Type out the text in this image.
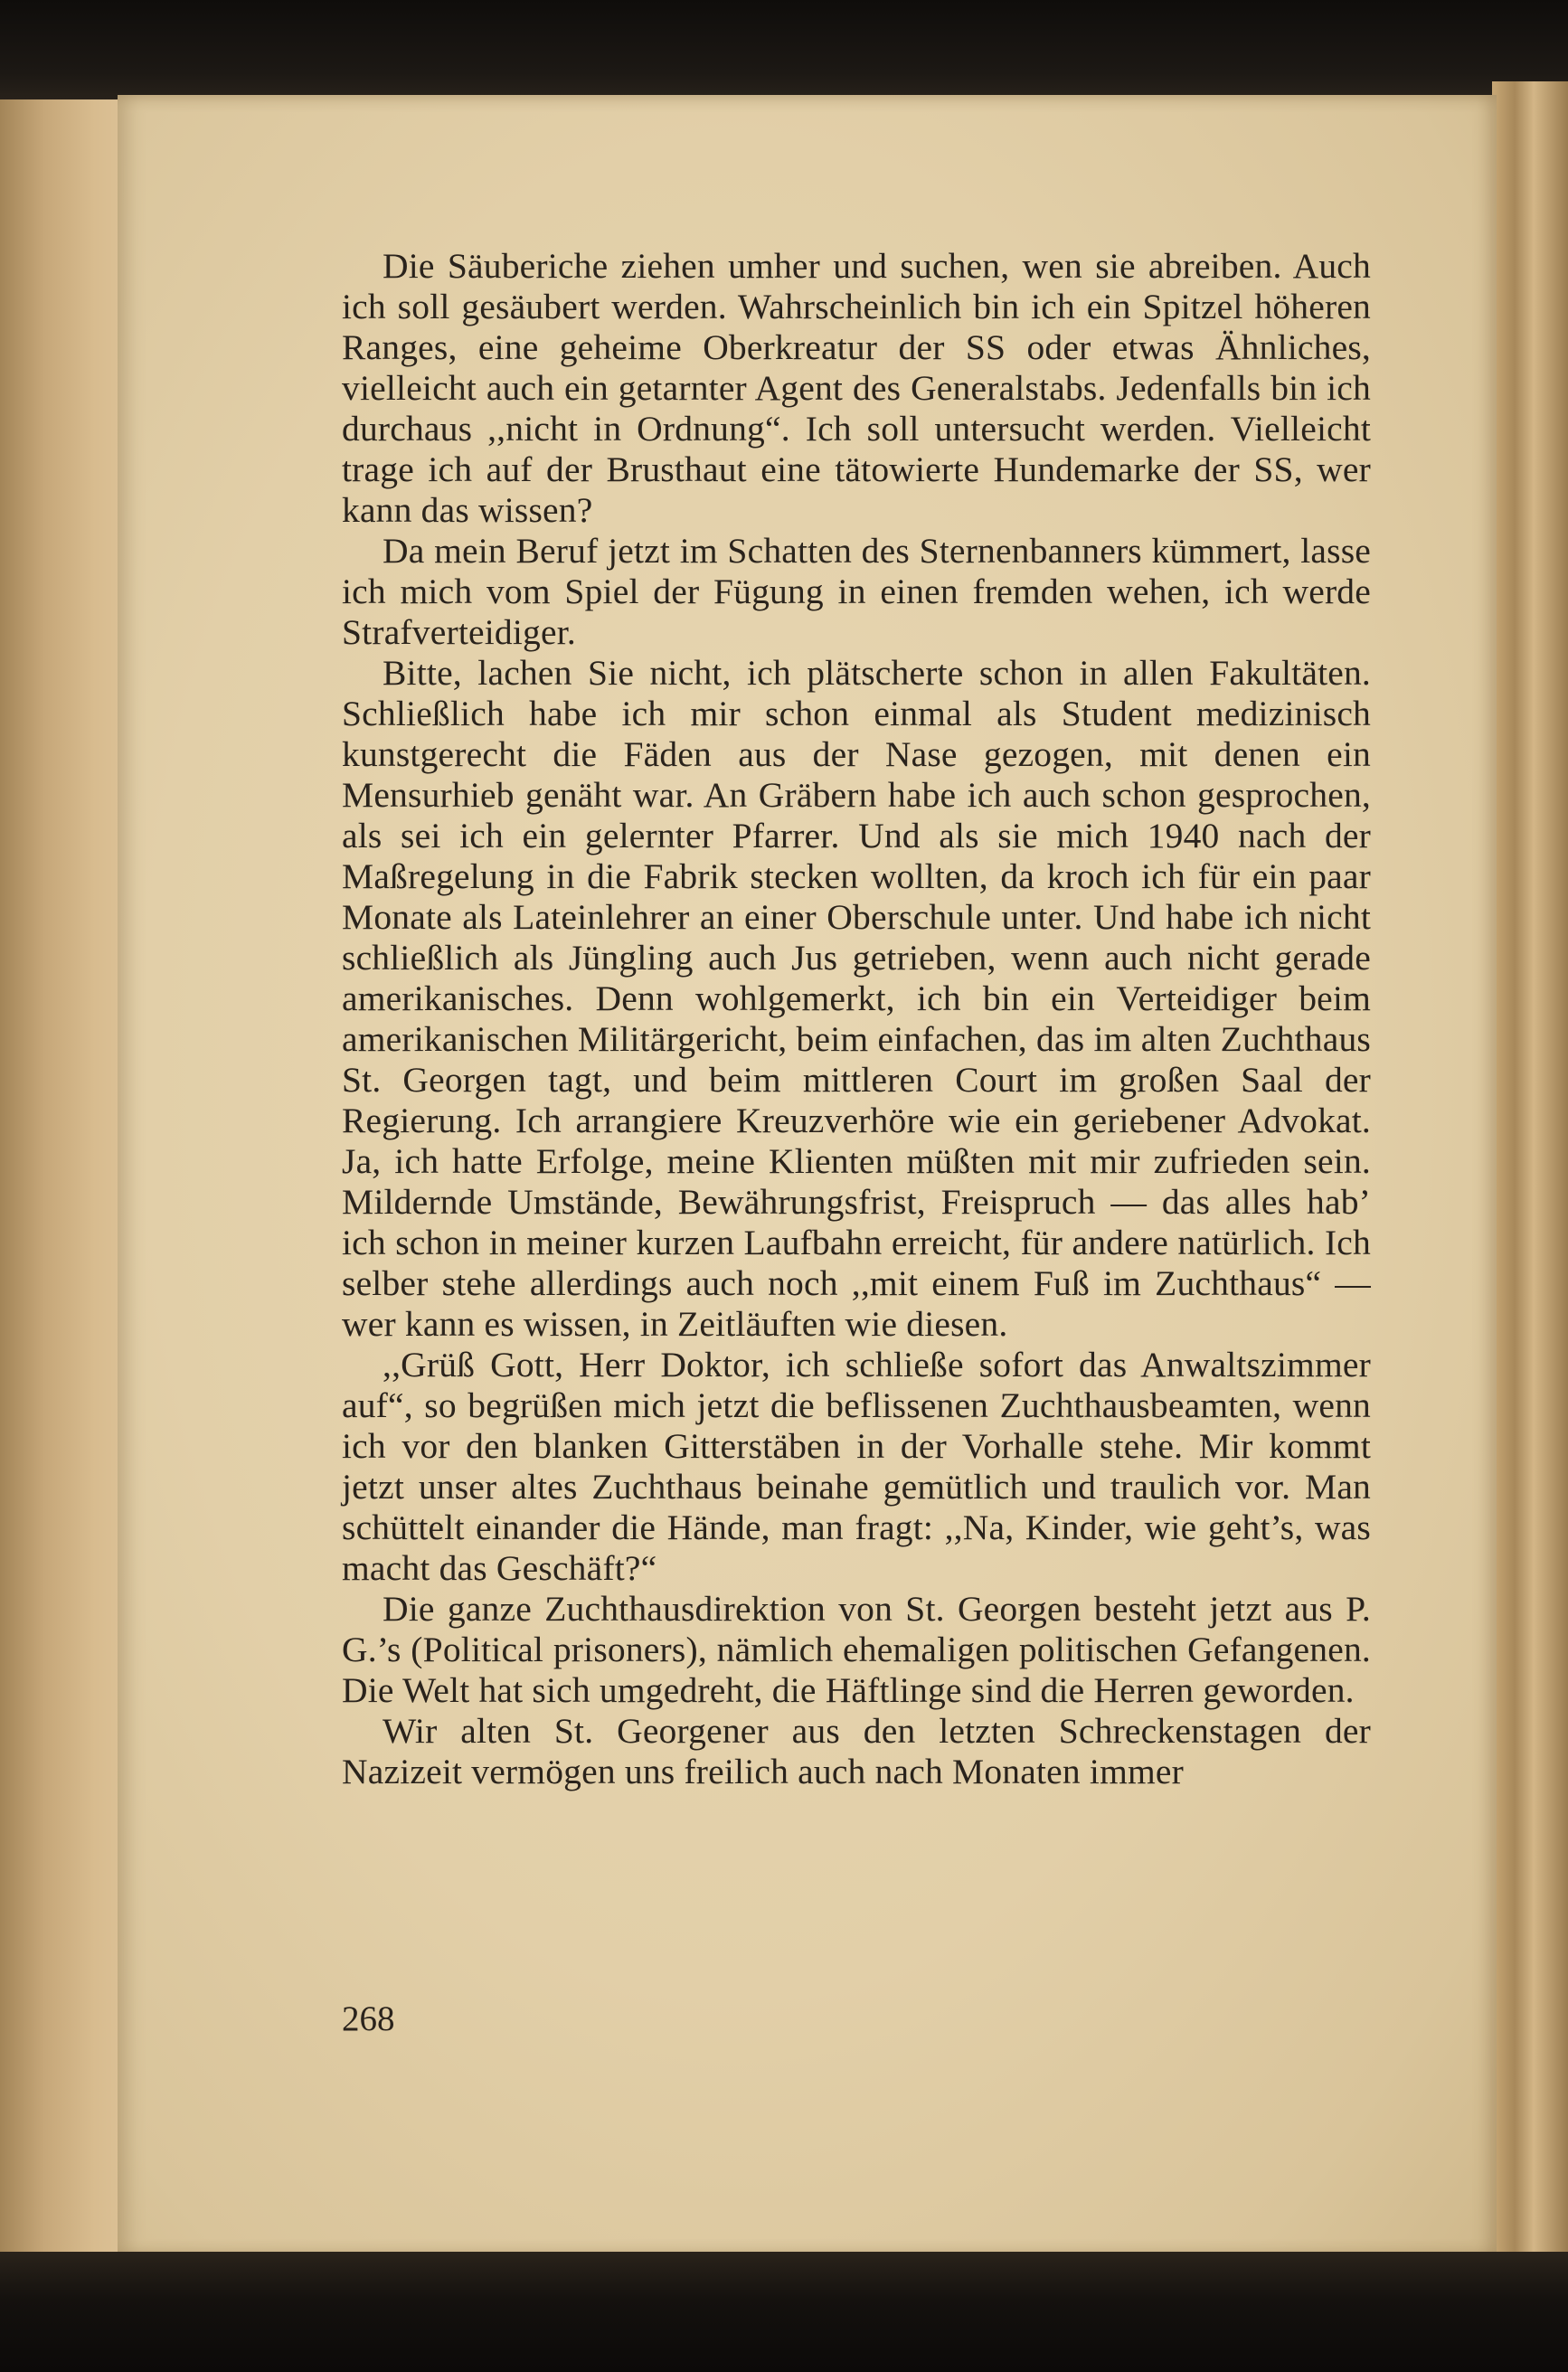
Die Säuberiche ziehen umher und suchen, wen sie abreiben. Auch ich soll gesäubert werden. Wahrscheinlich bin ich ein Spitzel höheren Ranges, eine geheime Oberkreatur der SS oder etwas Ähnliches, vielleicht auch ein getarnter Agent des Generalstabs. Jedenfalls bin ich durchaus ,,nicht in Ordnung“. Ich soll untersucht werden. Vielleicht trage ich auf der Brusthaut eine tätowierte Hundemarke der SS, wer kann das wissen?

Da mein Beruf jetzt im Schatten des Sternenbanners kümmert, lasse ich mich vom Spiel der Fügung in einen fremden wehen, ich werde Strafverteidiger.

Bitte, lachen Sie nicht, ich plätscherte schon in allen Fakultäten. Schließlich habe ich mir schon einmal als Student medizinisch kunstgerecht die Fäden aus der Nase gezogen, mit denen ein Mensurhieb genäht war. An Gräbern habe ich auch schon gesprochen, als sei ich ein gelernter Pfarrer. Und als sie mich 1940 nach der Maßregelung in die Fabrik stecken wollten, da kroch ich für ein paar Monate als Lateinlehrer an einer Oberschule unter. Und habe ich nicht schließlich als Jüngling auch Jus getrieben, wenn auch nicht gerade amerikanisches. Denn wohlgemerkt, ich bin ein Verteidiger beim amerikanischen Militärgericht, beim einfachen, das im alten Zuchthaus St. Georgen tagt, und beim mittleren Court im großen Saal der Regierung. Ich arrangiere Kreuzverhöre wie ein geriebener Advokat. Ja, ich hatte Erfolge, meine Klienten müßten mit mir zufrieden sein. Mildernde Umstände, Bewährungsfrist, Freispruch — das alles hab’ ich schon in meiner kurzen Laufbahn erreicht, für andere natürlich. Ich selber stehe allerdings auch noch ,,mit einem Fuß im Zuchthaus“ — wer kann es wissen, in Zeitläuften wie diesen.

,,Grüß Gott, Herr Doktor, ich schließe sofort das Anwaltszimmer auf“, so begrüßen mich jetzt die beflissenen Zuchthausbeamten, wenn ich vor den blanken Gitterstäben in der Vorhalle stehe. Mir kommt jetzt unser altes Zuchthaus beinahe gemütlich und traulich vor. Man schüttelt einander die Hände, man fragt: ,,Na, Kinder, wie geht’s, was macht das Geschäft?“

Die ganze Zuchthausdirektion von St. Georgen besteht jetzt aus P. G.’s (Political prisoners), nämlich ehemaligen politischen Gefangenen. Die Welt hat sich umgedreht, die Häftlinge sind die Herren geworden.

Wir alten St. Georgener aus den letzten Schreckenstagen der Nazizeit vermögen uns freilich auch nach Monaten immer

268
